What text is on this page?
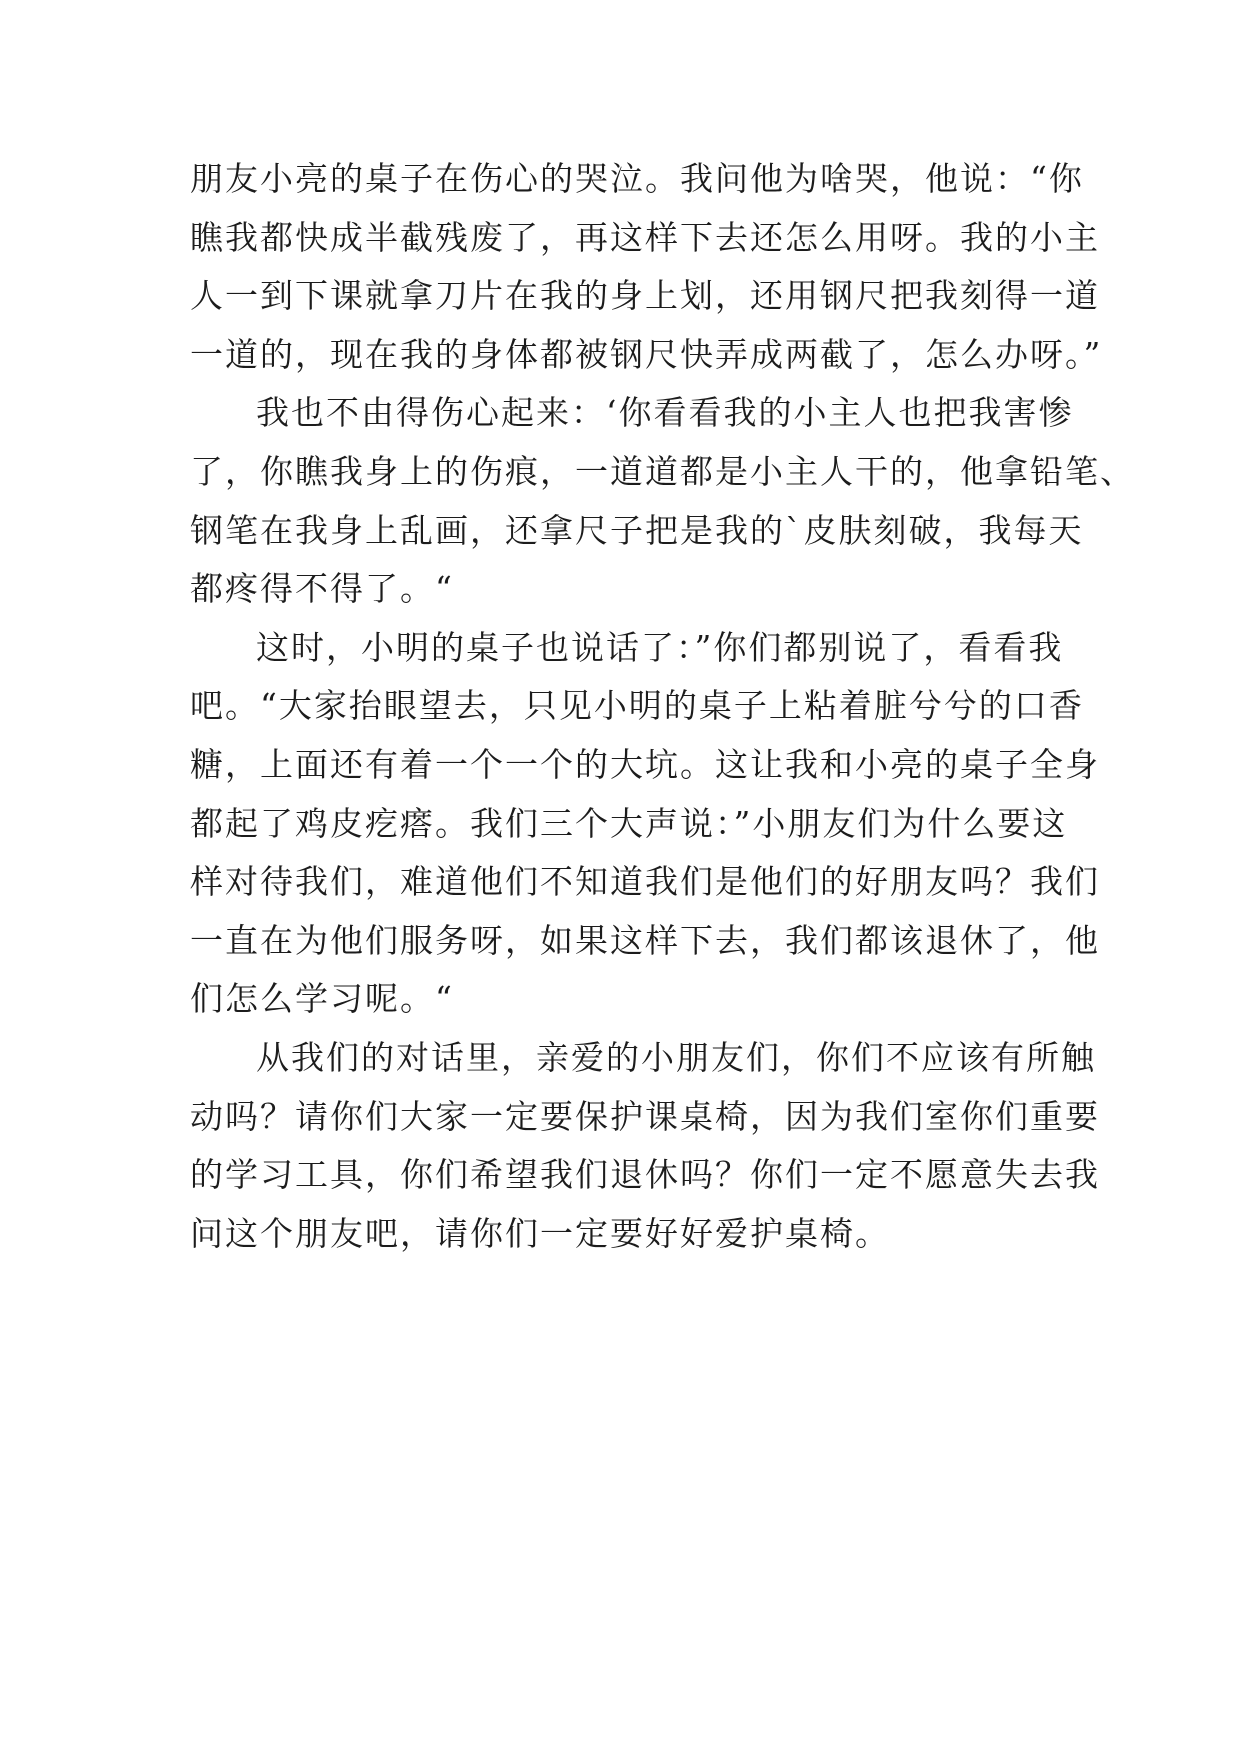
朋友小亮的桌子在伤心的哭泣。我问他为啥哭，他说：“你
瞧我都快成半截残废了，再这样下去还怎么用呀。我的小主
人一到下课就拿刀片在我的身上划，还用钢尺把我刻得一道
一道的，现在我的身体都被钢尺快弄成两截了，怎么办呀。”
我也不由得伤心起来：‘你看看我的小主人也把我害惨
了，你瞧我身上的伤痕，一道道都是小主人干的，他拿铅笔、
钢笔在我身上乱画，还拿尺子把是我的`皮肤刻破，我每天
都疼得不得了。“
这时，小明的桌子也说话了：”你们都别说了，看看我
吧。“大家抬眼望去，只见小明的桌子上粘着脏兮兮的口香
糖，上面还有着一个一个的大坑。这让我和小亮的桌子全身
都起了鸡皮疙瘩。我们三个大声说：”小朋友们为什么要这
样对待我们，难道他们不知道我们是他们的好朋友吗？我们
一直在为他们服务呀，如果这样下去，我们都该退休了，他
们怎么学习呢。“
从我们的对话里，亲爱的小朋友们，你们不应该有所触
动吗？请你们大家一定要保护课桌椅，因为我们室你们重要
的学习工具，你们希望我们退休吗？你们一定不愿意失去我
问这个朋友吧，请你们一定要好好爱护桌椅。
